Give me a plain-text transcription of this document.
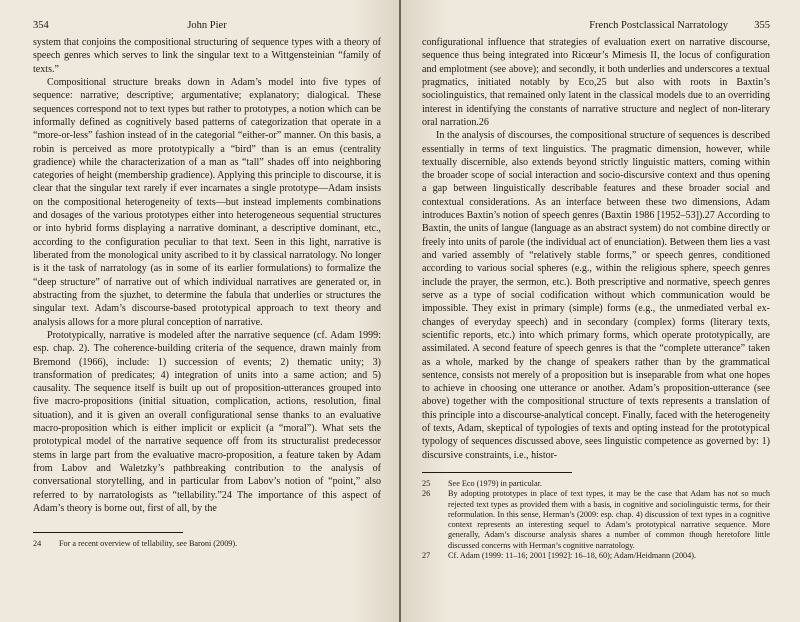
354	John Pier

system that conjoins the compositional structuring of sequence types with a theory of speech genres which serves to link the singular text to a Wittgensteinian “family of texts.”

Compositional structure breaks down in Adam’s model into five types of sequence: narrative; descriptive; argumentative; explanatory; dialogical. These sequences correspond not to text types but rather to prototypes, a notion which can be informally defined as cognitively based patterns of categorization that operate in a “more-or-less” fashion instead of in the categorial “either-or” manner. On this basis, a robin is perceived as more prototypically a “bird” than is an emus (centrality gradience) while the characterization of a man as “tall” shades off into neighboring categories of height (membership gradience). Applying this principle to discourse, it is clear that the singular text rarely if ever incarnates a single prototype—Adam insists on the compositional heterogeneity of texts—but instead implements combinations and dosages of the various prototypes either into heterogeneous sequential structures or into hybrid forms displaying a narrative dominant, a descriptive dominant, etc., according to the configuration peculiar to that text. Seen in this light, narrative is liberated from the monological unity ascribed to it by classical narratology. No longer is it the task of narratology (as in some of its earlier formulations) to formalize the “deep structure” of narrative out of which individual narratives are generated or, in abstracting from the sjuzhet, to determine the fabula that underlies or structures the singular text. Adam’s discourse-based prototypical approach to text theory and analysis allows for a more plural conception of narrative.

Prototypically, narrative is modeled after the narrative sequence (cf. Adam 1999: esp. chap. 2). The coherence-building criteria of the sequence, drawn mainly from Bremond (1966), include: 1) succession of events; 2) thematic unity; 3) transformation of predicates; 4) integration of units into a same action; and 5) causality. The sequence itself is built up out of proposition-utterances grouped into five macro-propositions (initial situation, complication, actions, resolution, final situation), and it is given an overall configurational sense thanks to an evaluative macro-proposition which is either implicit or explicit (a “moral”). What sets the prototypical model of the narrative sequence off from its structuralist predecessor stems in large part from the evaluative macro-proposition, a feature taken by Adam from Labov and Waletzky’s pathbreaking contribution to the analysis of conversational storytelling, and in particular from Labov’s notion of “point,” also referred to by narratologists as “tellability.”24 The importance of this aspect of Adam’s theory is borne out, first of all, by the

24 For a recent overview of tellability, see Baroni (2009).
French Postclassical Narratology	355

configurational influence that strategies of evaluation exert on narrative discourse, sequence thus being integrated into Ricœur’s Mimesis II, the locus of configuration and emplotment (see above); and secondly, it both underlies and underscores a textual pragmatics, initiated notably by Eco,25 but also with roots in Baxtin’s sociolinguistics, that remained only latent in the classical models due to an overriding interest in identifying the constants of narrative structure and neglect of non-literary oral narration.26

In the analysis of discourses, the compositional structure of sequences is described essentially in terms of text linguistics. The pragmatic dimension, however, while textually discernible, also extends beyond strictly linguistic matters, coming within the broader scope of social interaction and socio-discursive context and thus opening a gap between linguistically describable features and these broader social and contextual considerations. As an interface between these two dimensions, Adam introduces Baxtin’s notion of speech genres (Baxtin 1986 [1952–53]).27 According to Baxtin, the units of langue (language as an abstract system) do not combine directly or freely into units of parole (the individual act of enunciation). Between them lies a vast and varied assembly of “relatively stable forms,” or speech genres, conditioned according to various social spheres (e.g., within the religious sphere, speech genres include the prayer, the sermon, etc.). Both prescriptive and normative, speech genres serve as a type of social codification without which communication would be impossible. They exist in primary (simple) forms (e.g., the unmediated verbal exchanges of everyday speech) and in secondary (complex) forms (literary texts, scientific reports, etc.) into which primary forms, which operate prototypically, are assimilated. A second feature of speech genres is that the “complete utterance” taken as a whole, marked by the change of speakers rather than by the grammatical sentence, consists not merely of a proposition but is inseparable from what one hopes to achieve in choosing one utterance or another. Adam’s proposition-utterance (see above) together with the compositional structure of texts represents a translation of this principle into a discourse-analytical concept. Finally, faced with the heterogeneity of texts, Adam, skeptical of typologies of texts and opting instead for the prototypical typology of sequences discussed above, sees linguistic competence as governed by: 1) discursive constraints, i.e., histor-

25 See Eco (1979) in particular.
26 By adopting prototypes in place of text types, it may be the case that Adam has not so much rejected text types as provided them with a basis, in cognitive and sociolinguistic terms, for their reformulation. In this sense, Herman’s (2009: esp. chap. 4) discussion of text types in a cognitive context represents an interesting sequel to Adam’s prototypical narrative sequence. More generally, Adam’s discourse analysis shares a number of common though heretofore little discussed concerns with Herman’s cognitive narratology.
27 Cf. Adam (1999: 11–16; 2001 [1992]: 16–18, 60); Adam/Heidmann (2004).
